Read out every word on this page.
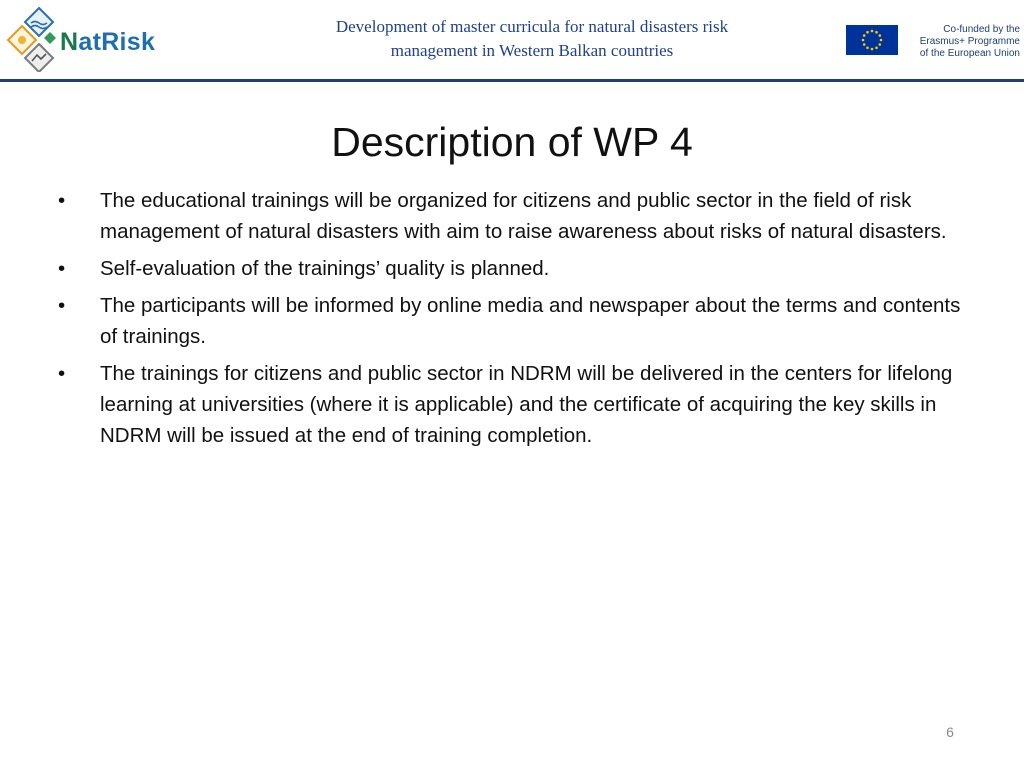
NatRisk
Development of master curricula for natural disasters risk
management in Western Balkan countries
Co-funded by the
Erasmus+ Programme
of the European Union
Description of WP 4
•	The educational trainings will be organized for citizens and public sector in the field of risk management of natural disasters with aim to raise awareness about risks of natural disasters.
•	Self-evaluation of the trainings’ quality is planned.
•	The participants will be informed by online media and newspaper about the terms and contents of trainings.
•	The trainings for citizens and public sector in NDRM will be delivered in the centers for lifelong learning at universities (where it is applicable) and the certificate of acquiring the key skills in NDRM will be issued at the end of training completion.
6
